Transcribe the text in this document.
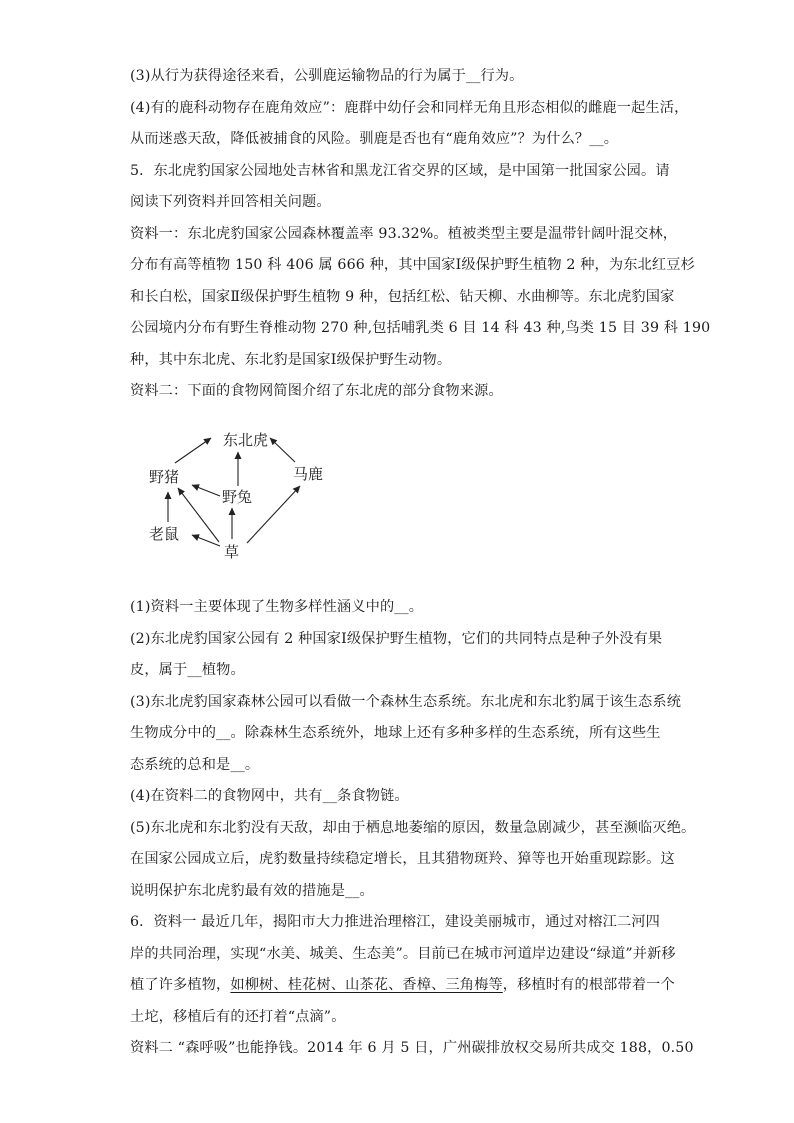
(3)从行为获得途径来看，公驯鹿运输物品的行为属于__行为。
(4)有的鹿科动物存在鹿角效应”：鹿群中幼仔会和同样无角且形态相似的雌鹿一起生活，
从而迷惑天敌，降低被捕食的风险。驯鹿是否也有“鹿角效应”？为什么？__。
5．东北虎豹国家公园地处吉林省和黑龙江省交界的区域，是中国第一批国家公园。请
阅读下列资料并回答相关问题。
资料一：东北虎豹国家公园森林覆盖率 93.32%。植被类型主要是温带针阔叶混交林，
分布有高等植物 150 科 406 属 666 种，其中国家Ⅰ级保护野生植物 2 种，为东北红豆杉
和长白松，国家Ⅱ级保护野生植物 9 种，包括红松、钻天柳、水曲柳等。东北虎豹国家
公园境内分布有野生脊椎动物 270 种,包括哺乳类 6 目 14 科 43 种,鸟类 15 目 39 科 190
种，其中东北虎、东北豹是国家Ⅰ级保护野生动物。
资料二：下面的食物网简图介绍了东北虎的部分食物来源。
东北虎
野猪	马鹿
野兔
老鼠
草
(1)资料一主要体现了生物多样性涵义中的__。
(2)东北虎豹国家公园有 2 种国家Ⅰ级保护野生植物，它们的共同特点是种子外没有果
皮，属于__植物。
(3)东北虎豹国家森林公园可以看做一个森林生态系统。东北虎和东北豹属于该生态系统
生物成分中的__。除森林生态系统外，地球上还有多种多样的生态系统，所有这些生
态系统的总和是__。
(4)在资料二的食物网中，共有__条食物链。
(5)东北虎和东北豹没有天敌，却由于栖息地萎缩的原因，数量急剧减少，甚至濒临灭绝。
在国家公园成立后，虎豹数量持续稳定增长，且其猎物斑羚、獐等也开始重现踪影。这
说明保护东北虎豹最有效的措施是__。
6．资料一 最近几年，揭阳市大力推进治理榕江，建设美丽城市，通过对榕江二河四
岸的共同治理，实现“水美、城美、生态美”。目前已在城市河道岸边建设“绿道”并新移
植了许多植物，如柳树、桂花树、山茶花、香樟、三角梅等，移植时有的根部带着一个
土坨，移植后有的还打着“点滴”。
资料二 “森呼吸”也能挣钱。2014 年 6 月 5 日，广州碳排放权交易所共成交 188，0.50
